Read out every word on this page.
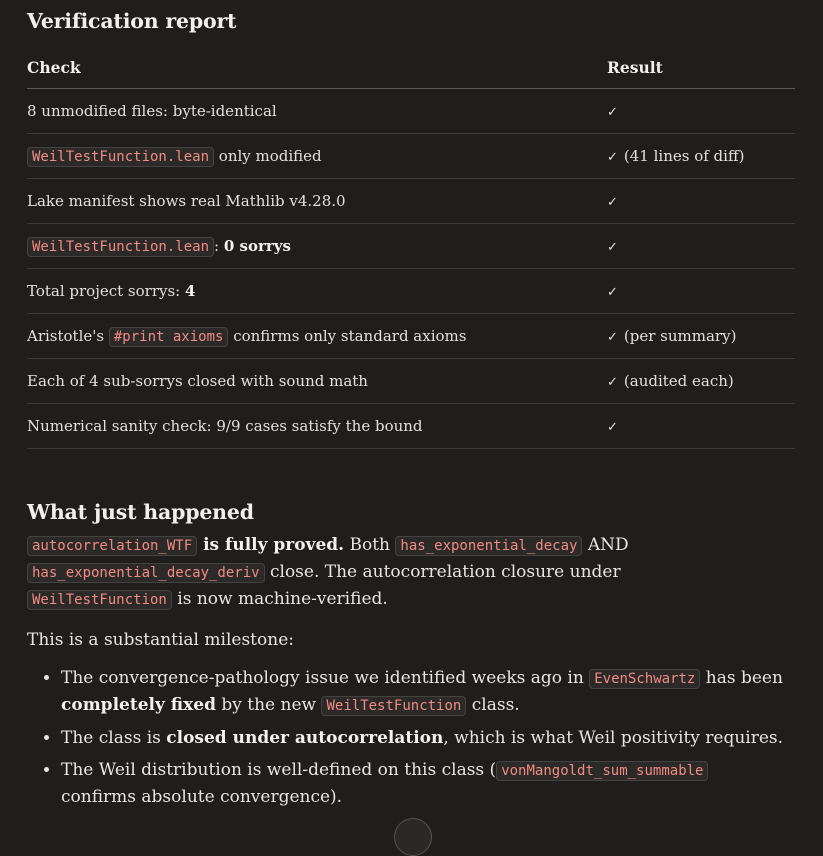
Verification report
Check	Result
8 unmodified files: byte-identical	✓
WeilTestFunction.lean only modified	✓ (41 lines of diff)
Lake manifest shows real Mathlib v4.28.0	✓
WeilTestFunction.lean : 0 sorrys	✓
Total project sorrys: 4	✓
Aristotle's #print axioms confirms only standard axioms	✓ (per summary)
Each of 4 sub-sorrys closed with sound math	✓ (audited each)
Numerical sanity check: 9/9 cases satisfy the bound	✓
What just happened

autocorrelation_WTF is fully proved. Both has_exponential_decay AND
has_exponential_decay_deriv close. The autocorrelation closure under
WeilTestFunction is now machine-verified.

This is a substantial milestone:

• The convergence-pathology issue we identified weeks ago in EvenSchwartz has been
completely fixed by the new WeilTestFunction class.
• The class is closed under autocorrelation, which is what Weil positivity requires.
• The Weil distribution is well-defined on this class ( vonMangoldt_sum_summable
confirms absolute convergence).
